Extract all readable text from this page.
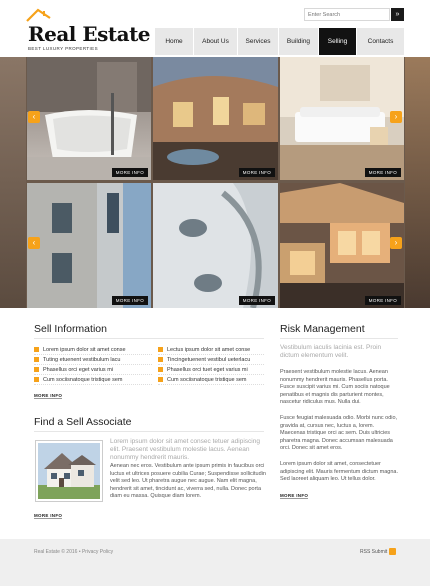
Real Estate
BEST LUXURY PROPERTIES
Enter Search
»
Home	About Us	Services	Building	Selling	Contacts
MORE INFO	MORE INFO	MORE INFO
MORE INFO	MORE INFO	MORE INFO
‹	›
‹	›
Sell Information
Lorem ipsum dolor sit amet conse
Tuting etuenent vestibulum lacu
Phasellus orci eget varius mi
Cum sociisnatoque tristique sem
Lectus ipsum dolor sit amet conse
Tincingetuenent vestibul ueterlacu
Phasellus orci tuet eget varius mi
Cum sociisnatoque tristique sem
MORE INFO
Find a Sell Associate
Lorem ipsum dolor sit amet consec tetuer adipiscing elit. Praesent vestibulum molestie lacus. Aenean nonummy hendrerit mauris.
Aenean nec eros. Vestibulum ante ipsum primis in faucibus orci luctus et ultrices posuere cubilia Curae; Suspendisse sollicitudin velit sed leo. Ut pharetra augue nec augue. Nam elit magna, hendrerit sit amet, tincidunt ac, viverra sed, nulla. Donec porta diam eu massa. Quisque diam lorem.
MORE INFO
Risk Management
Vestibulum iaculis lacinia est. Proin dictum elementum velit.
Praesent vestibulum molestie lacus. Aenean nonummy hendrerit mauris. Phasellus porta. Fusce suscipit varius mi. Cum sociis natoque penatibus et magnis dis parturient montes, nascetur ridiculus mus. Nulla dui.
Fusce feugiat malesuada odio. Morbi nunc odio, gravida at, cursus nec, luctus a, lorem. Maecenas tristique orci ac sem. Duis ultricies pharetra magna. Donec accumsan malesuada orci. Donec sit amet eros.
Lorem ipsum dolor sit amet, consectetuer adipiscing elit. Mauris fermentum dictum magna. Sed laoreet aliquam leo. Ut tellus dolor.
MORE INFO
Real Estate © 2016 • Privacy Policy	RSS Submit
